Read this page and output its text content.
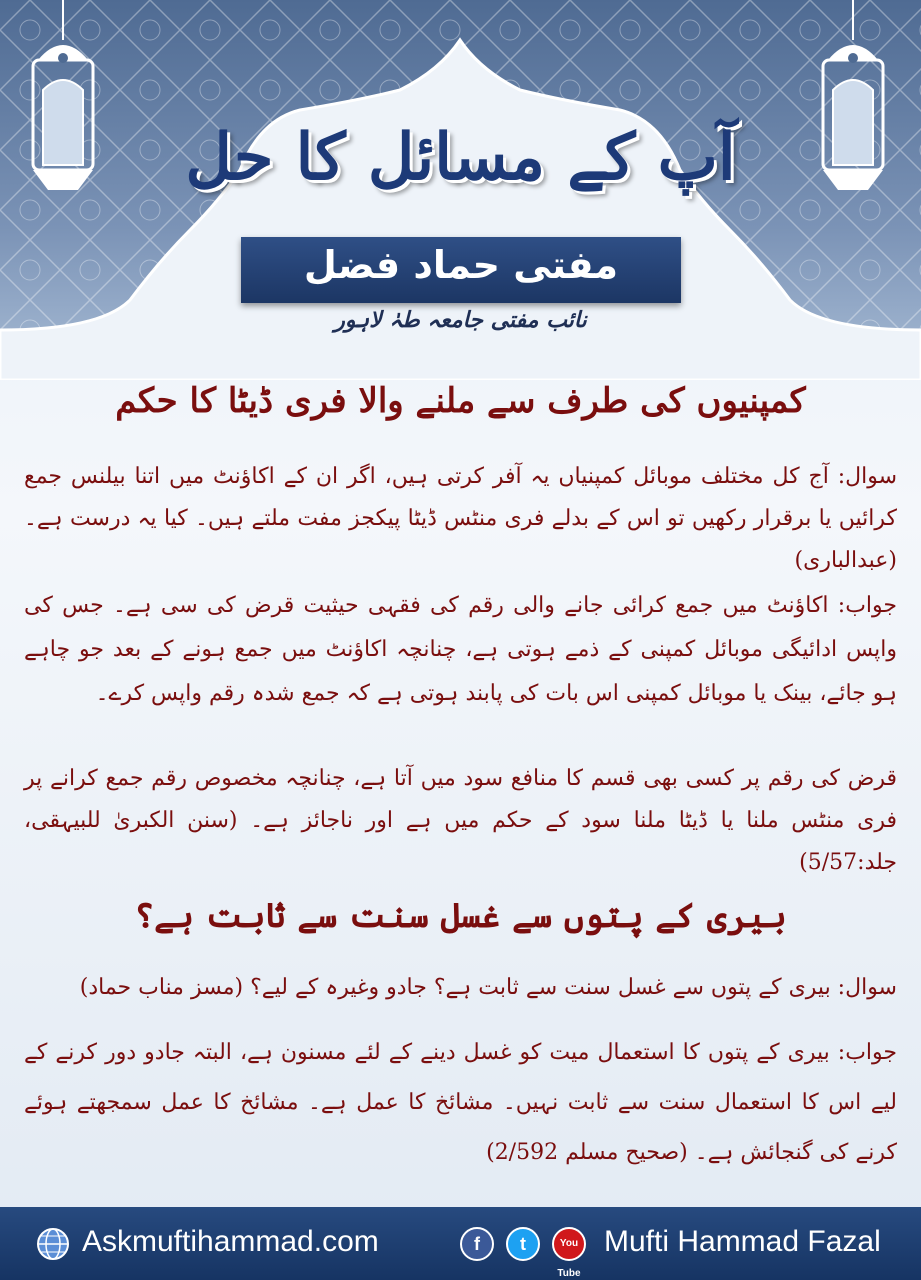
آپ کے مسائل کا حل
مفتی حماد فضل
نائب مفتی جامعہ طہٰ لاہور
کمپنیوں کی طرف سے ملنے والا فری ڈیٹا کا حکم
سوال: آج کل مختلف موبائل کمپنیاں یہ آفر کرتی ہیں، اگر ان کے اکاؤنٹ میں اتنا بیلنس جمع کرائیں یا برقرار رکھیں تو اس کے بدلے فری منٹس ڈیٹا پیکجز مفت ملتے ہیں۔ کیا یہ درست ہے۔ (عبدالباری)
جواب: اکاؤنٹ میں جمع کرائی جانے والی رقم کی فقہی حیثیت قرض کی سی ہے۔ جس کی واپس ادائیگی موبائل کمپنی کے ذمے ہوتی ہے، چنانچہ اکاؤنٹ میں جمع ہونے کے بعد جو چاہے ہو جائے، بینک یا موبائل کمپنی اس بات کی پابند ہوتی ہے کہ جمع شدہ رقم واپس کرے۔
قرض کی رقم پر کسی بھی قسم کا منافع سود میں آتا ہے، چنانچہ مخصوص رقم جمع کرانے پر فری منٹس ملنا یا ڈیٹا ملنا سود کے حکم میں ہے اور ناجائز ہے۔ (سنن الکبریٰ للبیہقی، جلد:5/57)
بیری کے پتوں سے غسل سنت سے ثابت ہے؟
سوال: بیری کے پتوں سے غسل سنت سے ثابت ہے؟ جادو وغیرہ کے لیے؟ (مسز مناب حماد)
جواب: بیری کے پتوں کا استعمال میت کو غسل دینے کے لئے مسنون ہے، البتہ جادو دور کرنے کے لیے اس کا استعمال سنت سے ثابت نہیں۔ مشائخ کا عمل ہے۔ مشائخ کا عمل سمجھتے ہوئے کرنے کی گنجائش ہے۔ (صحیح مسلم 2/592)
Askmuftihammad.com	f	t	You Tube
Mufti Hammad Fazal
